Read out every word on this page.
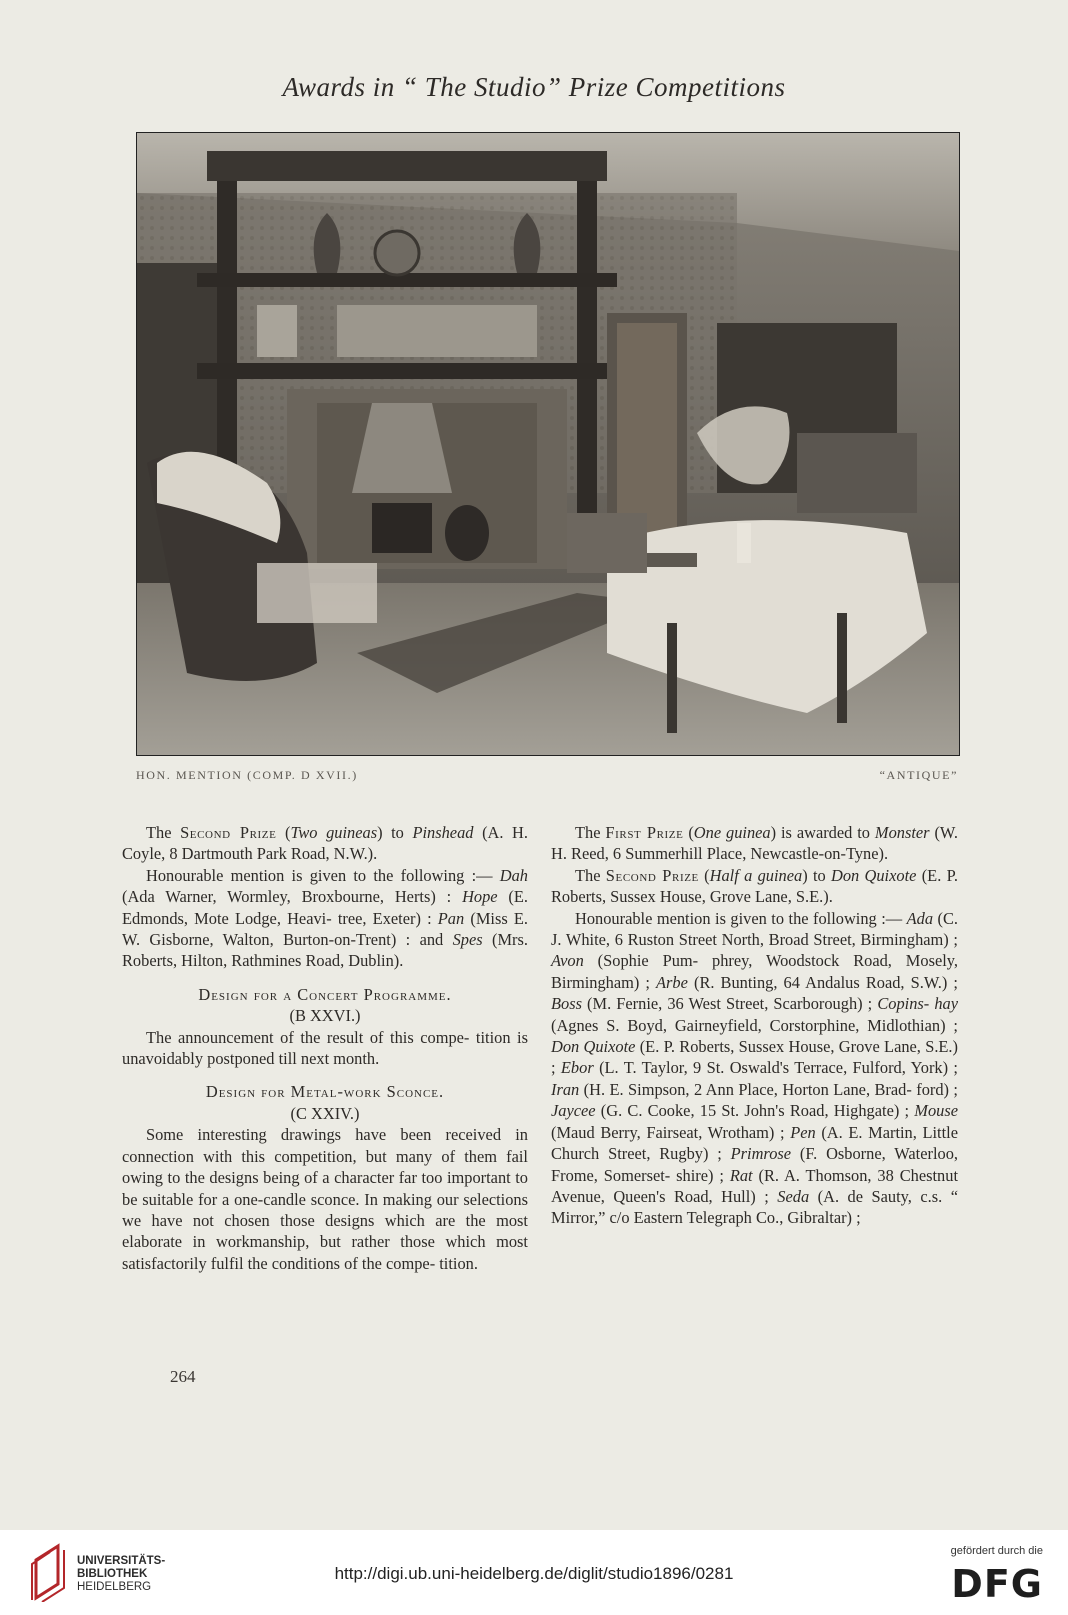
Awards in “ The Studio” Prize Competitions
HON. MENTION (COMP. D XVII.)	“ANTIQUE”

The Second Prize (Two guineas) to Pinshead (A. H. Coyle, 8 Dartmouth Park Road, N.W.).

Honourable mention is given to the following :— Dah (Ada Warner, Wormley, Broxbourne, Herts) : Hope (E. Edmonds, Mote Lodge, Heavi- tree, Exeter) : Pan (Miss E. W. Gisborne, Walton, Burton-on-Trent) : and Spes (Mrs. Roberts, Hilton, Rathmines Road, Dublin).

Design for a Concert Programme.

(B XXVI.)

The announcement of the result of this compe- tition is unavoidably postponed till next month.

Design for Metal-work Sconce.

(C XXIV.)

Some interesting drawings have been received in connection with this competition, but many of them fail owing to the designs being of a character far too important to be suitable for a one-candle sconce. In making our selections we have not chosen those designs which are the most elaborate in workmanship, but rather those which most satisfactorily fulfil the conditions of the compe- tition.

The First Prize (One guinea) is awarded to Monster (W. H. Reed, 6 Summerhill Place, Newcastle-on-Tyne).

The Second Prize (Half a guinea) to Don Quixote (E. P. Roberts, Sussex House, Grove Lane, S.E.).

Honourable mention is given to the following :— Ada (C. J. White, 6 Ruston Street North, Broad Street, Birmingham) ; Avon (Sophie Pum- phrey, Woodstock Road, Mosely, Birmingham) ; Arbe (R. Bunting, 64 Andalus Road, S.W.) ; Boss (M. Fernie, 36 West Street, Scarborough) ; Copins- hay (Agnes S. Boyd, Gairneyfield, Corstorphine, Midlothian) ; Don Quixote (E. P. Roberts, Sussex House, Grove Lane, S.E.) ; Ebor (L. T. Taylor, 9 St. Oswald's Terrace, Fulford, York) ; Iran (H. E. Simpson, 2 Ann Place, Horton Lane, Brad- ford) ; Jaycee (G. C. Cooke, 15 St. John's Road, Highgate) ; Mouse (Maud Berry, Fairseat, Wrotham) ; Pen (A. E. Martin, Little Church Street, Rugby) ; Primrose (F. Osborne, Waterloo, Frome, Somerset- shire) ; Rat (R. A. Thomson, 38 Chestnut Avenue, Queen's Road, Hull) ; Seda (A. de Sauty, c.s. “ Mirror,” c/o Eastern Telegraph Co., Gibraltar) ;

264
UNIVERSITÄTS-
BIBLIOTHEK
HEIDELBERG
http://digi.ub.uni-heidelberg.de/diglit/studio1896/0281
gefördert durch die
DFG
